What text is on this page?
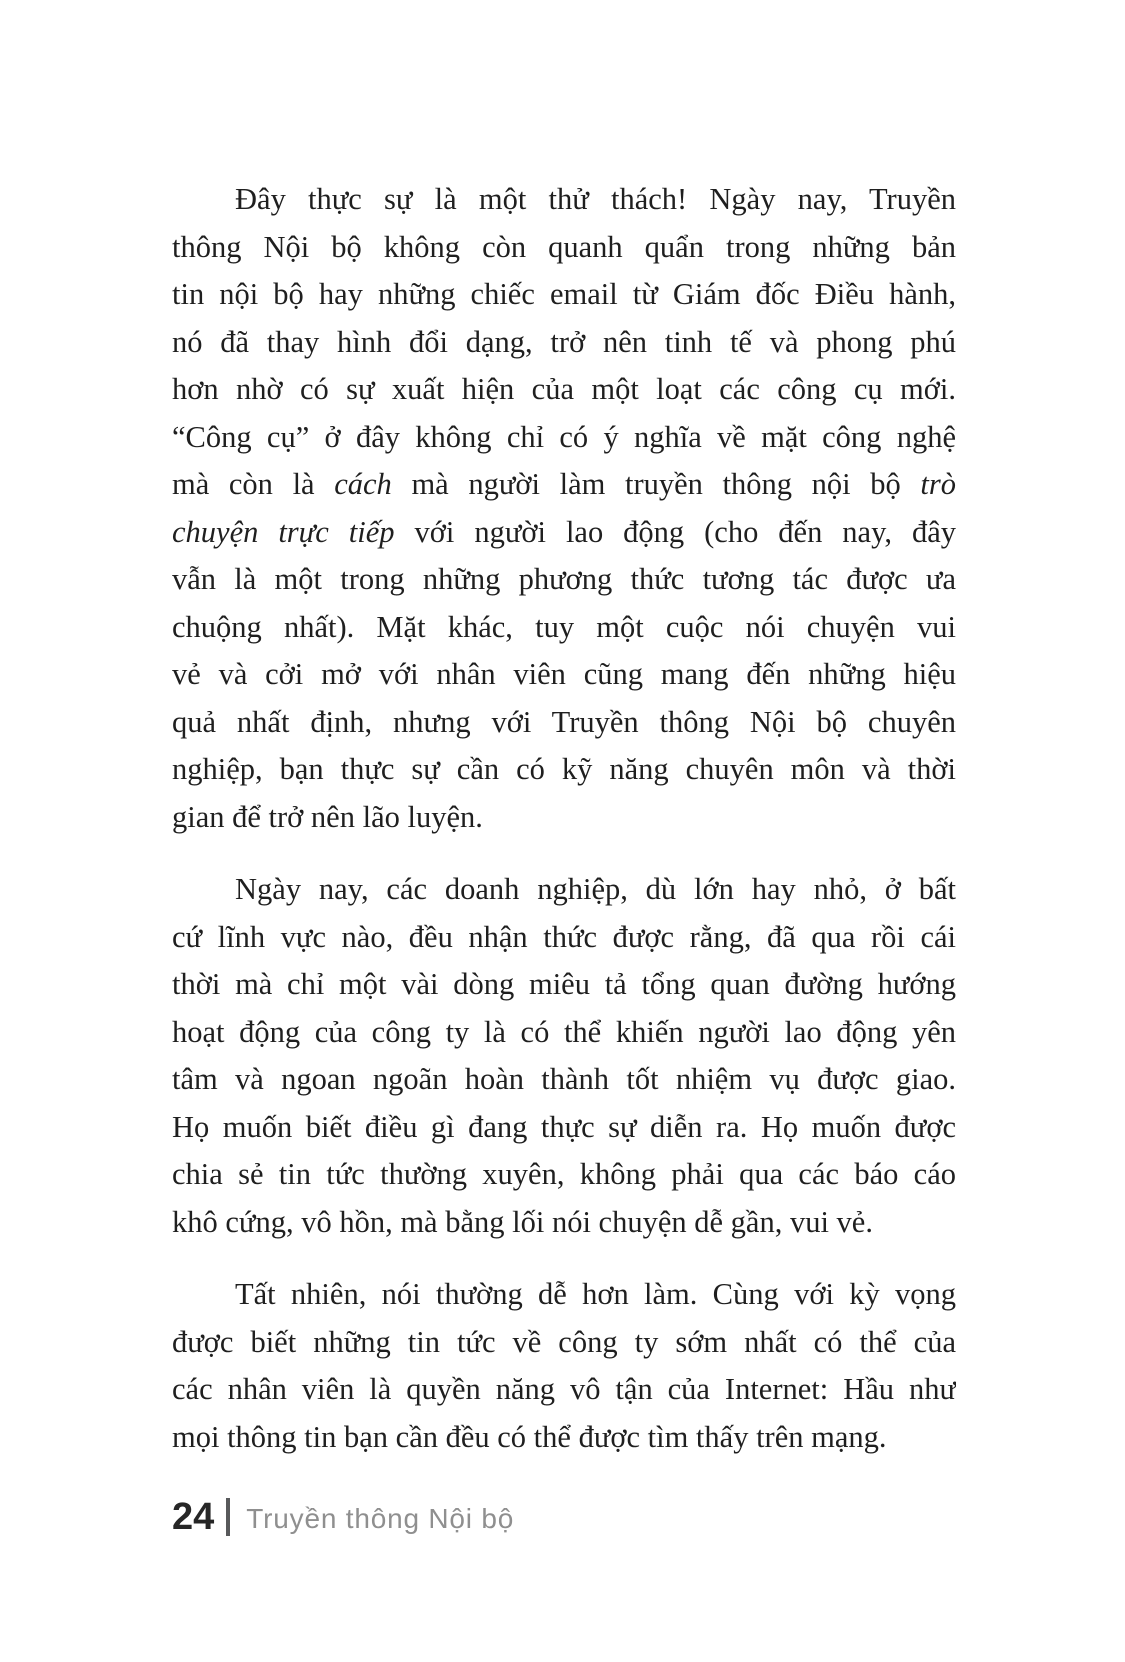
Đây thực sự là một thử thách! Ngày nay, Truyền
thông Nội bộ không còn quanh quẩn trong những bản
tin nội bộ hay những chiếc email từ Giám đốc Điều hành,
nó đã thay hình đổi dạng, trở nên tinh tế và phong phú
hơn nhờ có sự xuất hiện của một loạt các công cụ mới.
“Công cụ” ở đây không chỉ có ý nghĩa về mặt công nghệ
mà còn là cách mà người làm truyền thông nội bộ trò
chuyện trực tiếp với người lao động (cho đến nay, đây
vẫn là một trong những phương thức tương tác được ưa
chuộng nhất). Mặt khác, tuy một cuộc nói chuyện vui
vẻ và cởi mở với nhân viên cũng mang đến những hiệu
quả nhất định, nhưng với Truyền thông Nội bộ chuyên
nghiệp, bạn thực sự cần có kỹ năng chuyên môn và thời
gian để trở nên lão luyện.
Ngày nay, các doanh nghiệp, dù lớn hay nhỏ, ở bất
cứ lĩnh vực nào, đều nhận thức được rằng, đã qua rồi cái
thời mà chỉ một vài dòng miêu tả tổng quan đường hướng
hoạt động của công ty là có thể khiến người lao động yên
tâm và ngoan ngoãn hoàn thành tốt nhiệm vụ được giao.
Họ muốn biết điều gì đang thực sự diễn ra. Họ muốn được
chia sẻ tin tức thường xuyên, không phải qua các báo cáo
khô cứng, vô hồn, mà bằng lối nói chuyện dễ gần, vui vẻ.
Tất nhiên, nói thường dễ hơn làm. Cùng với kỳ vọng
được biết những tin tức về công ty sớm nhất có thể của
các nhân viên là quyền năng vô tận của Internet: Hầu như
mọi thông tin bạn cần đều có thể được tìm thấy trên mạng.
24 Truyền thông Nội bộ
